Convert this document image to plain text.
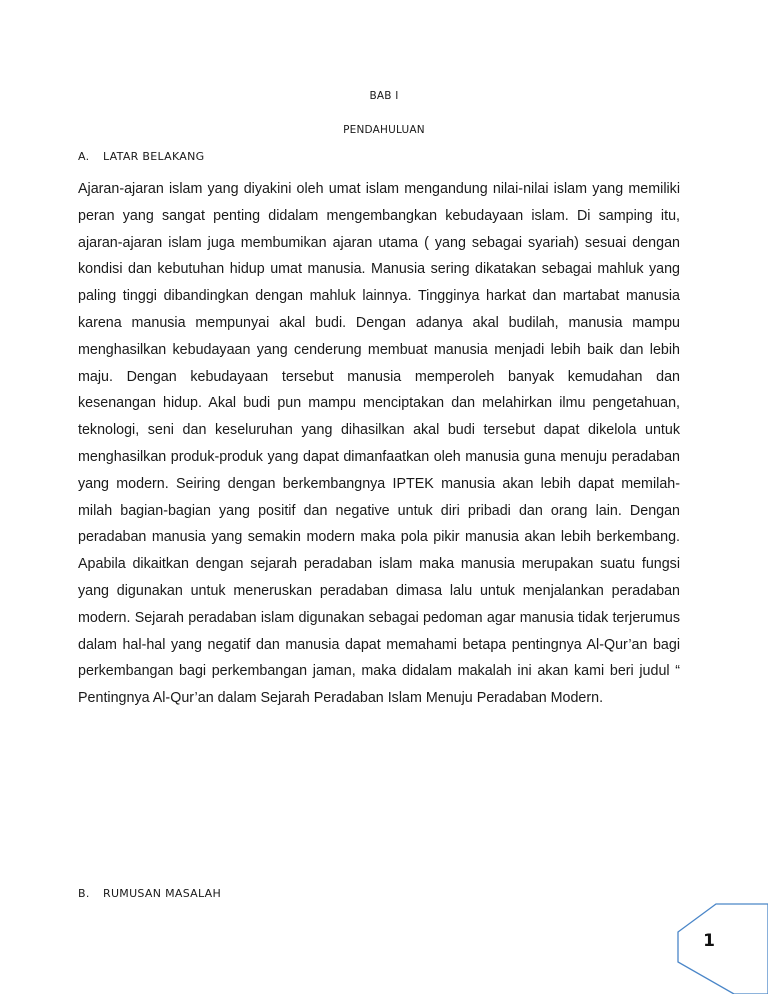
BAB I
PENDAHULUAN
A. LATAR BELAKANG

Ajaran-ajaran islam yang diyakini oleh umat islam mengandung nilai-nilai islam yang memiliki peran yang sangat penting didalam mengembangkan kebudayaan islam. Di samping itu, ajaran-ajaran islam juga membumikan ajaran utama ( yang sebagai syariah) sesuai dengan kondisi dan kebutuhan hidup umat manusia. Manusia sering dikatakan sebagai mahluk yang paling tinggi dibandingkan dengan mahluk lainnya. Tingginya harkat dan martabat manusia karena manusia mempunyai akal budi. Dengan adanya akal budilah, manusia mampu menghasilkan kebudayaan yang cenderung membuat manusia menjadi lebih baik dan lebih maju. Dengan kebudayaan tersebut manusia memperoleh banyak kemudahan dan kesenangan hidup. Akal budi pun mampu menciptakan dan melahirkan ilmu pengetahuan, teknologi, seni dan keseluruhan yang dihasilkan akal budi tersebut dapat dikelola untuk menghasilkan produk-produk yang dapat dimanfaatkan oleh manusia guna menuju peradaban yang modern. Seiring dengan berkembangnya IPTEK manusia akan lebih dapat memilah-milah bagian-bagian yang positif dan negative untuk diri pribadi dan orang lain. Dengan peradaban manusia yang semakin modern maka pola pikir manusia akan lebih berkembang. Apabila dikaitkan dengan sejarah peradaban islam maka manusia merupakan suatu fungsi yang digunakan untuk meneruskan peradaban dimasa lalu untuk menjalankan peradaban modern. Sejarah peradaban islam digunakan sebagai pedoman agar manusia tidak terjerumus dalam hal-hal yang negatif dan manusia dapat memahami betapa pentingnya Al-Qur’an bagi perkembangan bagi perkembangan jaman, maka didalam makalah ini akan kami beri judul “ Pentingnya Al-Qur’an dalam Sejarah Peradaban Islam Menuju Peradaban Modern.

B. RUMUSAN MASALAH
1
